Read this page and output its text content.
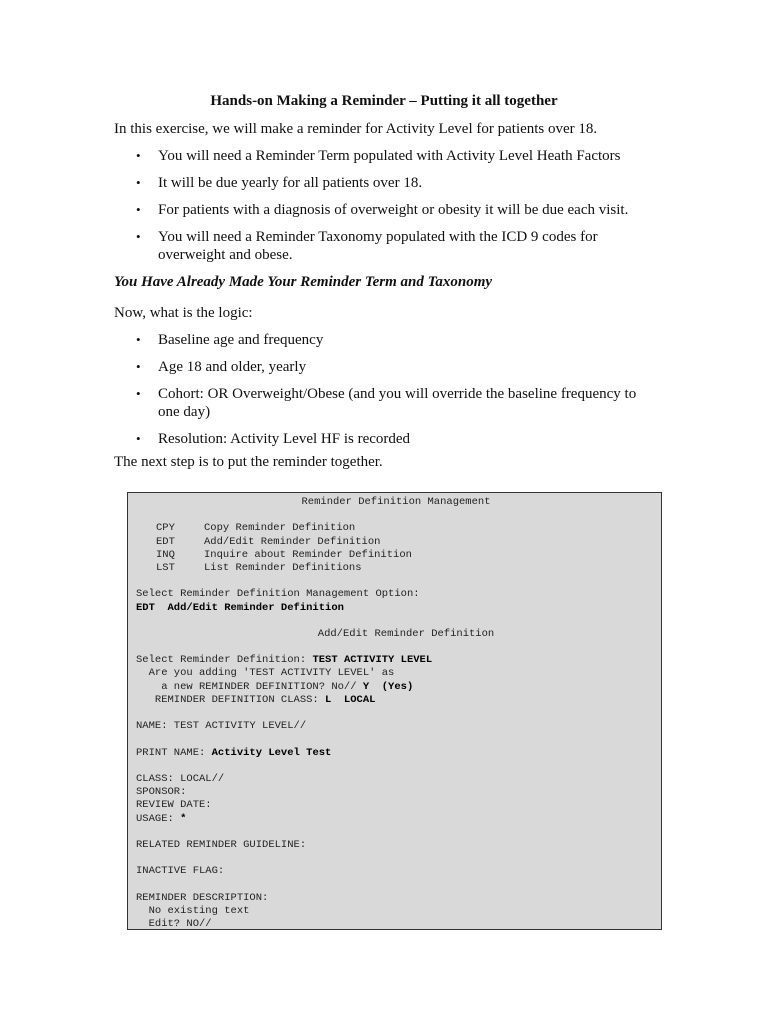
Hands-on Making a Reminder – Putting it all together

In this exercise, we will make a reminder for Activity Level for patients over 18.

• You will need a Reminder Term populated with Activity Level Heath Factors
• It will be due yearly for all patients over 18.
• For patients with a diagnosis of overweight or obesity it will be due each visit.
• You will need a Reminder Taxonomy populated with the ICD 9 codes for overweight and obese.

You Have Already Made Your Reminder Term and Taxonomy

Now, what is the logic:

• Baseline age and frequency
• Age 18 and older, yearly
• Cohort: OR Overweight/Obese (and you will override the baseline frequency to one day)
• Resolution: Activity Level HF is recorded

The next step is to put the reminder together.

Reminder Definition Management
CPY	Copy Reminder Definition
EDT	Add/Edit Reminder Definition
INQ	Inquire about Reminder Definition
LST	List Reminder Definitions
Select Reminder Definition Management Option:
EDT  Add/Edit Reminder Definition
Add/Edit Reminder Definition
Select Reminder Definition: TEST ACTIVITY LEVEL
Are you adding 'TEST ACTIVITY LEVEL' as
a new REMINDER DEFINITION? No// Y  (Yes)
REMINDER DEFINITION CLASS: L  LOCAL
NAME: TEST ACTIVITY LEVEL//
PRINT NAME: Activity Level Test
CLASS: LOCAL//
SPONSOR:
REVIEW DATE:
USAGE: *
RELATED REMINDER GUIDELINE:
INACTIVE FLAG:
REMINDER DESCRIPTION:
No existing text
Edit? NO//
